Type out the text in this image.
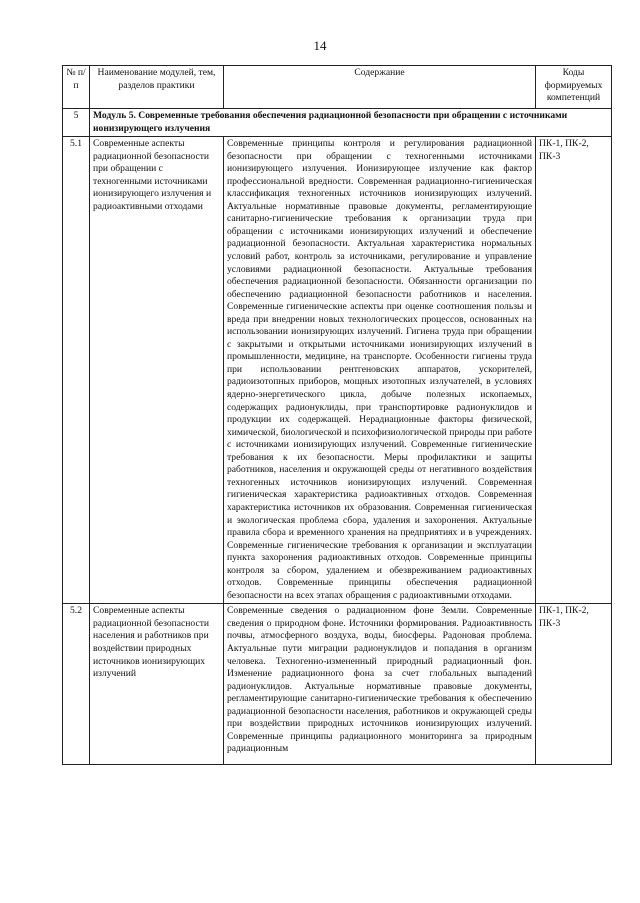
14
№ п/п	Наименование модулей, тем, разделов практики	Содержание	Коды формируемых компетенций
5	Модуль 5. Современные требования обеспечения радиационной безопасности при обращении с источниками ионизирующего излучения		
5.1	Современные аспекты радиационной безопасности при обращении с техногенными источниками ионизирующего излучения и радиоактивными отходами	Современные принципы контроля и регулирования радиационной безопасности при обращении с техногенными источниками ионизирующего излучения. Ионизирующее излучение как фактор профессиональной вредности. Современная радиационно-гигиеническая классификация техногенных источников ионизирующих излучений. Актуальные нормативные правовые документы, регламентирующие санитарно-гигиенические требования к организации труда при обращении с источниками ионизирующих излучений и обеспечение радиационной безопасности. Актуальная характеристика нормальных условий работ, контроль за источниками, регулирование и управление условиями радиационной безопасности. Актуальные требования обеспечения радиационной безопасности. Обязанности организации по обеспечению радиационной безопасности работников и населения. Современные гигиенические аспекты при оценке соотношения пользы и вреда при внедрении новых технологических процессов, основанных на использовании ионизирующих излучений. Гигиена труда при обращении с закрытыми и открытыми источниками ионизирующих излучений в промышленности, медицине, на транспорте. Особенности гигиены труда при использовании рентгеновских аппаратов, ускорителей, радиоизотопных приборов, мощных изотопных излучателей, в условиях ядерно-энергетического цикла, добыче полезных ископаемых, содержащих радионуклиды, при транспортировке радионуклидов и продукции их содержащей. Нерадиационные факторы физической, химической, биологической и психофизиологической природы при работе с источниками ионизирующих излучений. Современные гигиенические требования к их безопасности. Меры профилактики и защиты работников, населения и окружающей среды от негативного воздействия техногенных источников ионизирующих излучений. Современная гигиеническая характеристика радиоактивных отходов. Современная характеристика источников их образования. Современная гигиеническая и экологическая проблема сбора, удаления и захоронения. Актуальные правила сбора и временного хранения на предприятиях и в учреждениях. Современные гигиенические требования к организации и эксплуатации пункта захоронения радиоактивных отходов. Современные принципы контроля за сбором, удалением и обезвреживанием радиоактивных отходов. Современные принципы обеспечения радиационной безопасности на всех этапах обращения с радиоактивными отходами.	ПК-1, ПК-2, ПК-3
5.2	Современные аспекты радиационной безопасности населения и работников при воздействии природных источников ионизирующих излучений	Современные сведения о радиационном фоне Земли. Современные сведения о природном фоне. Источники формирования. Радиоактивность почвы, атмосферного воздуха, воды, биосферы. Радоновая проблема. Актуальные пути миграции радионуклидов и попадания в организм человека. Техногенно-измененный природный радиационный фон. Изменение радиационного фона за счет глобальных выпадений радионуклидов. Актуальные нормативные правовые документы, регламентирующие санитарно-гигиенические требования к обеспечению радиационной безопасности населения, работников и окружающей среды при воздействии природных источников ионизирующих излучений. Современные принципы радиационного мониторинга за природным радиационным	ПК-1, ПК-2, ПК-3
